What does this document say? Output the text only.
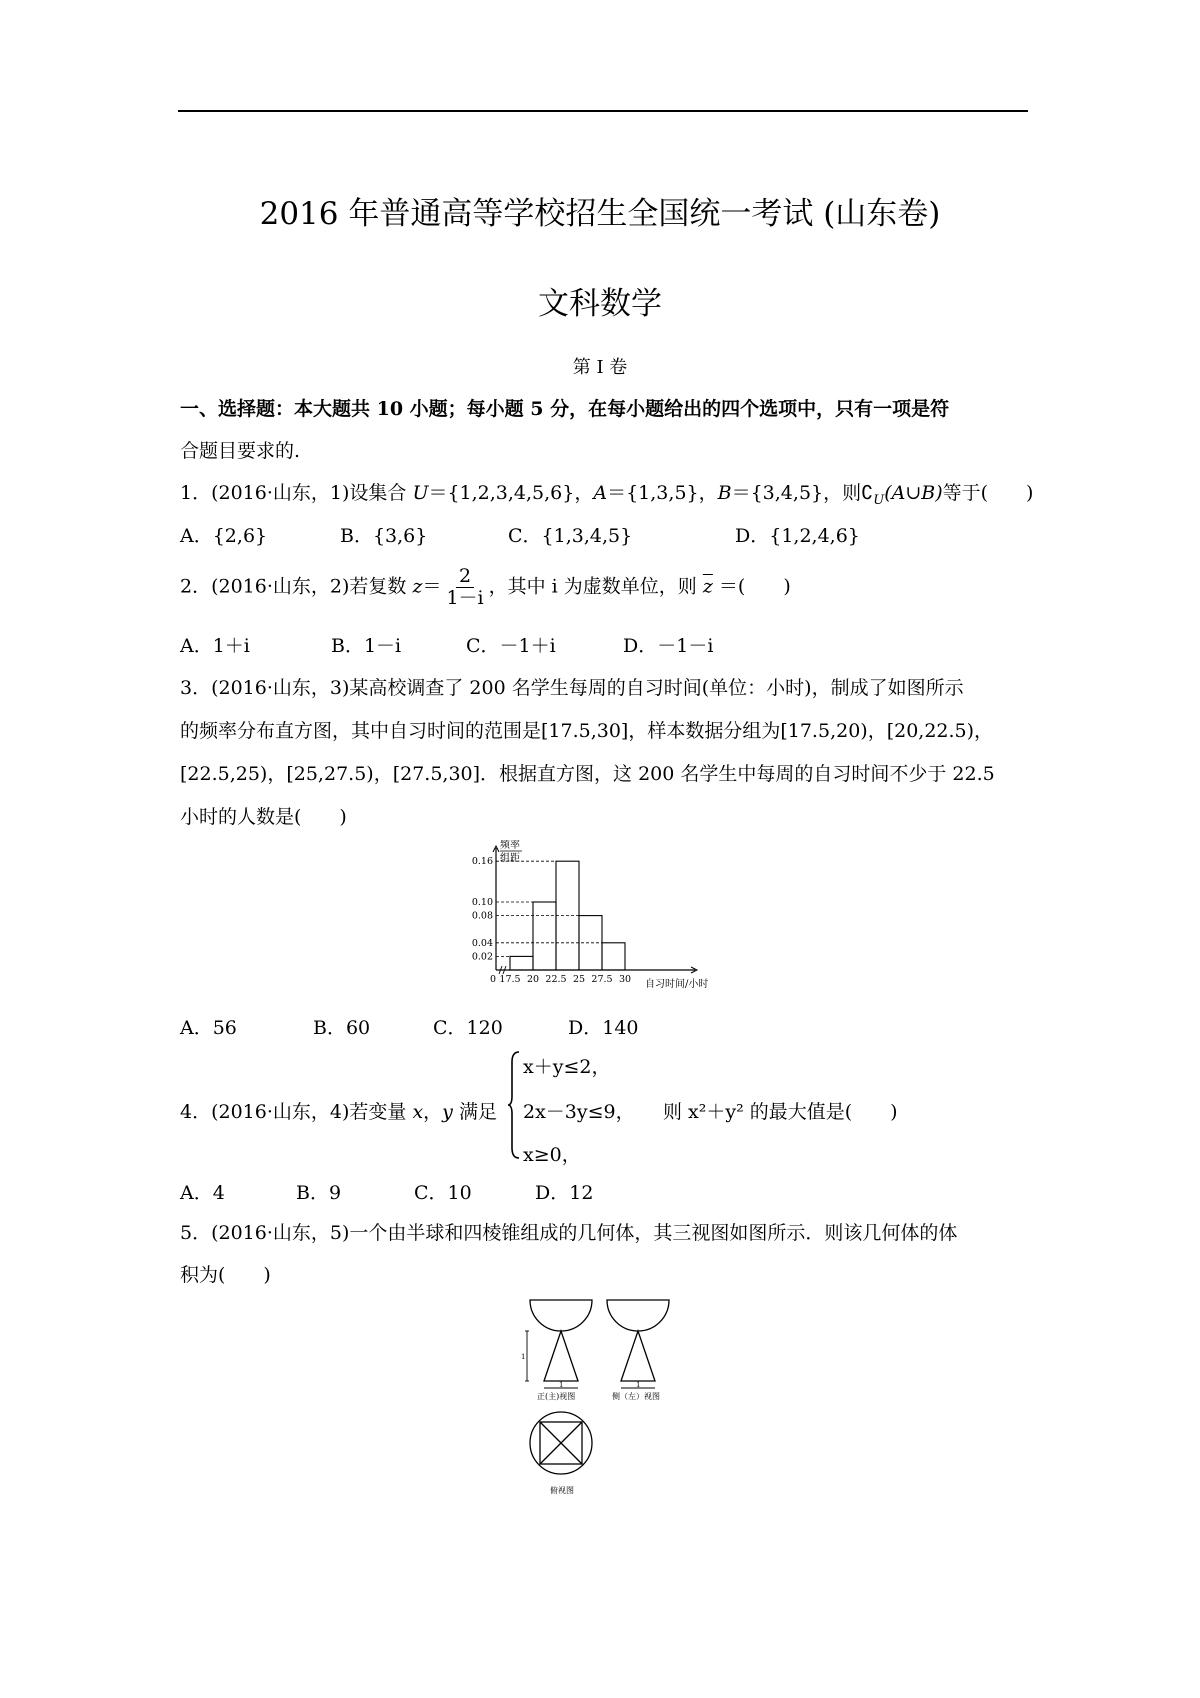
2016 年普通高等学校招生全国统一考试 (山东卷)
文科数学
第 I 卷
一、选择题：本大题共 10 小题；每小题 5 分，在每小题给出的四个选项中，只有一项是符
合题目要求的.
1．(2016·山东，1)设集合 U＝{1,2,3,4,5,6}，A＝{1,3,5}，B＝{3,4,5}，则$∁_U(A\cup B)$等于(　　)
A．{2,6}	B．{3,6}	C．{1,3,4,5}	D．{1,2,4,6}
2．(2016·山东，2)若复数 $z= \frac{2}{1-i}$ ，其中 i 为虚数单位，则 $\overline{z}$ ＝(　　)
A．1＋i	B．1－i	C．－1＋i	D．－1－i
3．(2016·山东，3)某高校调查了 200 名学生每周的自习时间(单位：小时)，制成了如图所示
的频率分布直方图，其中自习时间的范围是[17.5,30]，样本数据分组为[17.5,20)，[20,22.5)，
[22.5,25)，[25,27.5)，[27.5,30]．根据直方图，这 200 名学生中每周的自习时间不少于 22.5
小时的人数是(　　)
0.02
0.04
0.08
0.10
0.16
0 17.5 20 22.5 25 27.5 30
频率
组距
自习时间/小时
A．56	B．60	C．120	D．140
4．(2016·山东，4)若变量 x，y 满足
x＋y≤2，
2x－3y≤9，
x≥0，
则 x²＋y² 的最大值是(　　)
A．4	B．9	C．10	D．12
5．(2016·山东，5)一个由半球和四棱锥组成的几何体，其三视图如图所示．则该几何体的体
积为(　　)
1
1
正(主)视图
1
侧（左）视图
俯视图
